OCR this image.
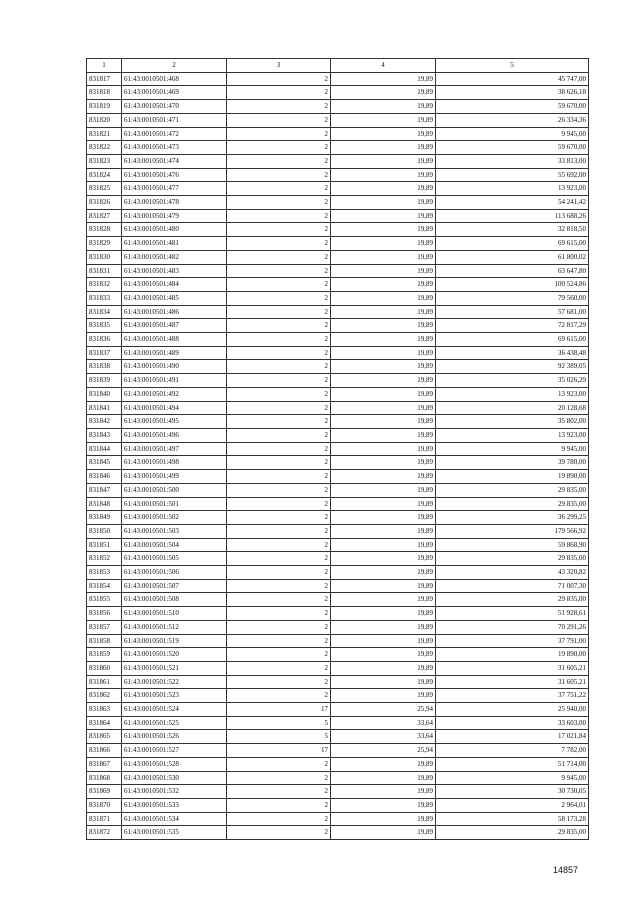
1	2	3	4	5
831817	61:43:0010501:468	2	19,89	45 747,00
831818	61:43:0010501:469	2	19,89	38 626,18
831819	61:43:0010501:470	2	19,89	59 670,00
831820	61:43:0010501:471	2	19,89	26 334,36
831821	61:43:0010501:472	2	19,89	9 945,00
831822	61:43:0010501:473	2	19,89	59 670,00
831823	61:43:0010501:474	2	19,89	33 813,00
831824	61:43:0010501:476	2	19,89	55 692,00
831825	61:43:0010501:477	2	19,89	13 923,00
831826	61:43:0010501:478	2	19,89	54 241,42
831827	61:43:0010501:479	2	19,89	113 688,26
831828	61:43:0010501:480	2	19,89	32 818,50
831829	61:43:0010501:481	2	19,89	69 615,00
831830	61:43:0010501:482	2	19,89	61 800,02
831831	61:43:0010501:483	2	19,89	63 647,80
831832	61:43:0010501:484	2	19,89	100 524,86
831833	61:43:0010501:485	2	19,89	79 560,00
831834	61:43:0010501:486	2	19,89	57 681,00
831835	61:43:0010501:487	2	19,89	72 817,29
831836	61:43:0010501:488	2	19,89	69 615,00
831837	61:43:0010501:489	2	19,89	36 438,48
831838	61:43:0010501:490	2	19,89	92 389,05
831839	61:43:0010501:491	2	19,89	35 026,29
831840	61:43:0010501:492	2	19,89	13 923,00
831841	61:43:0010501:494	2	19,89	20 128,68
831842	61:43:0010501:495	2	19,89	35 802,00
831843	61:43:0010501:496	2	19,89	13 923,00
831844	61:43:0010501:497	2	19,89	9 945,00
831845	61:43:0010501:498	2	19,89	39 780,00
831846	61:43:0010501:499	2	19,89	19 890,00
831847	61:43:0010501:500	2	19,89	29 835,00
831848	61:43:0010501:501	2	19,89	29 835,00
831849	61:43:0010501:502	2	19,89	36 299,25
831850	61:43:0010501:503	2	19,89	179 566,92
831851	61:43:0010501:504	2	19,89	59 868,90
831852	61:43:0010501:505	2	19,89	29 835,00
831853	61:43:0010501:506	2	19,89	43 320,82
831854	61:43:0010501:507	2	19,89	71 007,30
831855	61:43:0010501:508	2	19,89	29 835,00
831856	61:43:0010501:510	2	19,89	51 928,61
831857	61:43:0010501:512	2	19,89	70 291,26
831858	61:43:0010501:519	2	19,89	37 791,00
831859	61:43:0010501:520	2	19,89	19 890,00
831860	61:43:0010501:521	2	19,89	31 605,21
831861	61:43:0010501:522	2	19,89	31 605,21
831862	61:43:0010501:523	2	19,89	37 751,22
831863	61:43:0010501:524	17	25,94	25 940,00
831864	61:43:0010501:525	5	33,64	33 603,00
831865	61:43:0010501:526	5	33,64	17 021,84
831866	61:43:0010501:527	17	25,94	7 782,00
831867	61:43:0010501:528	2	19,89	51 714,00
831868	61:43:0010501:530	2	19,89	9 945,00
831869	61:43:0010501:532	2	19,89	30 730,05
831870	61:43:0010501:533	2	19,89	2 964,01
831871	61:43:0010501:534	2	19,89	58 173,28
831872	61:43:0010501:535	2	19,89	29 835,00
14857
